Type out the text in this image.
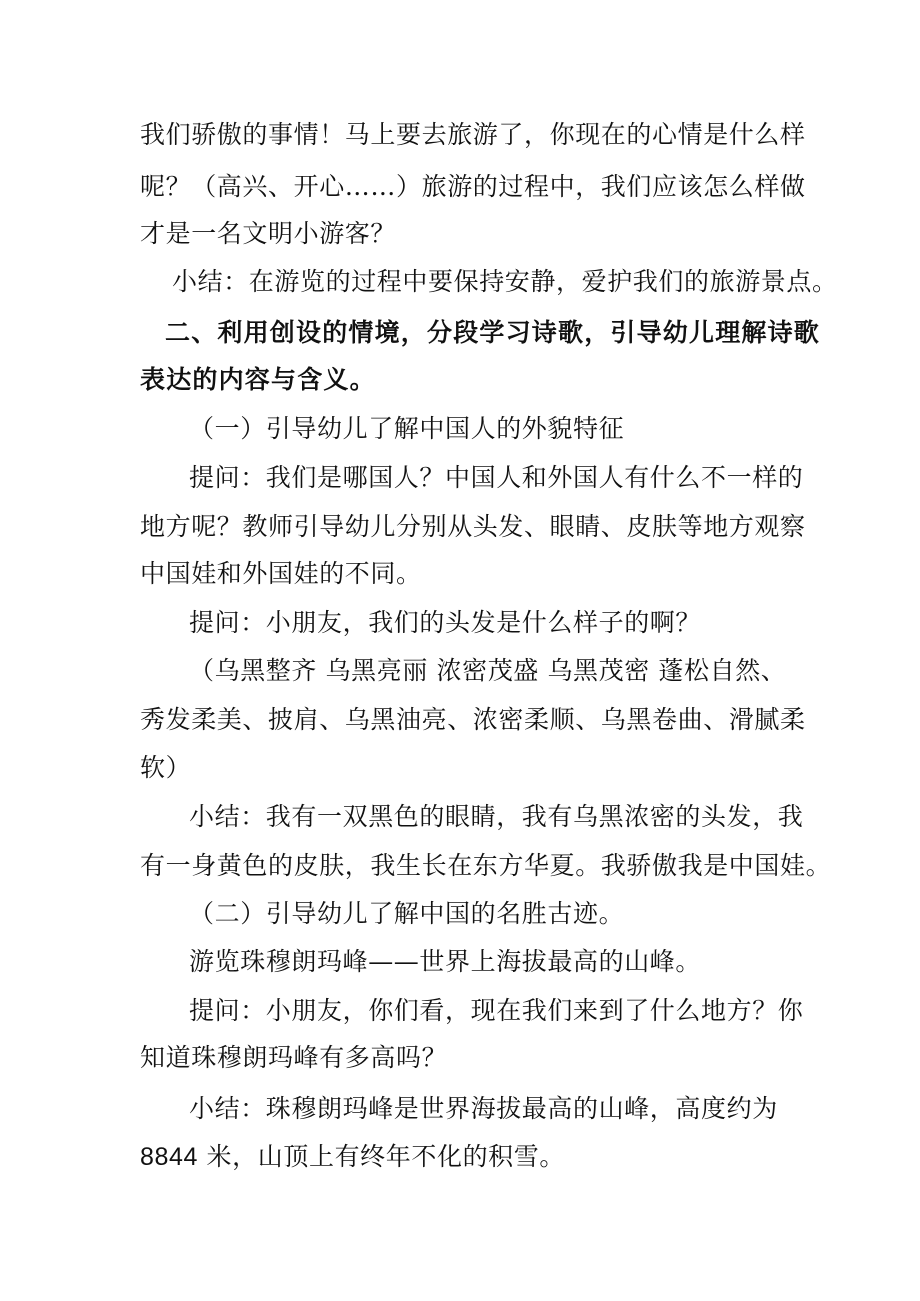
我们骄傲的事情！马上要去旅游了，你现在的心情是什么样
呢？（高兴、开心……）旅游的过程中，我们应该怎么样做
才是一名文明小游客？
小结：在游览的过程中要保持安静，爱护我们的旅游景点。
二、利用创设的情境，分段学习诗歌，引导幼儿理解诗歌
表达的内容与含义。
（一）引导幼儿了解中国人的外貌特征
提问：我们是哪国人？中国人和外国人有什么不一样的
地方呢？教师引导幼儿分别从头发、眼睛、皮肤等地方观察
中国娃和外国娃的不同。
提问：小朋友，我们的头发是什么样子的啊？
（乌黑整齐 乌黑亮丽 浓密茂盛 乌黑茂密 蓬松自然、
秀发柔美、披肩、乌黑油亮、浓密柔顺、乌黑卷曲、滑腻柔
软）
小结：我有一双黑色的眼睛，我有乌黑浓密的头发，我
有一身黄色的皮肤，我生长在东方华夏。我骄傲我是中国娃。
（二）引导幼儿了解中国的名胜古迹。
游览珠穆朗玛峰——世界上海拔最高的山峰。
提问：小朋友，你们看，现在我们来到了什么地方？你
知道珠穆朗玛峰有多高吗？
小结：珠穆朗玛峰是世界海拔最高的山峰，高度约为
8844 米，山顶上有终年不化的积雪。
